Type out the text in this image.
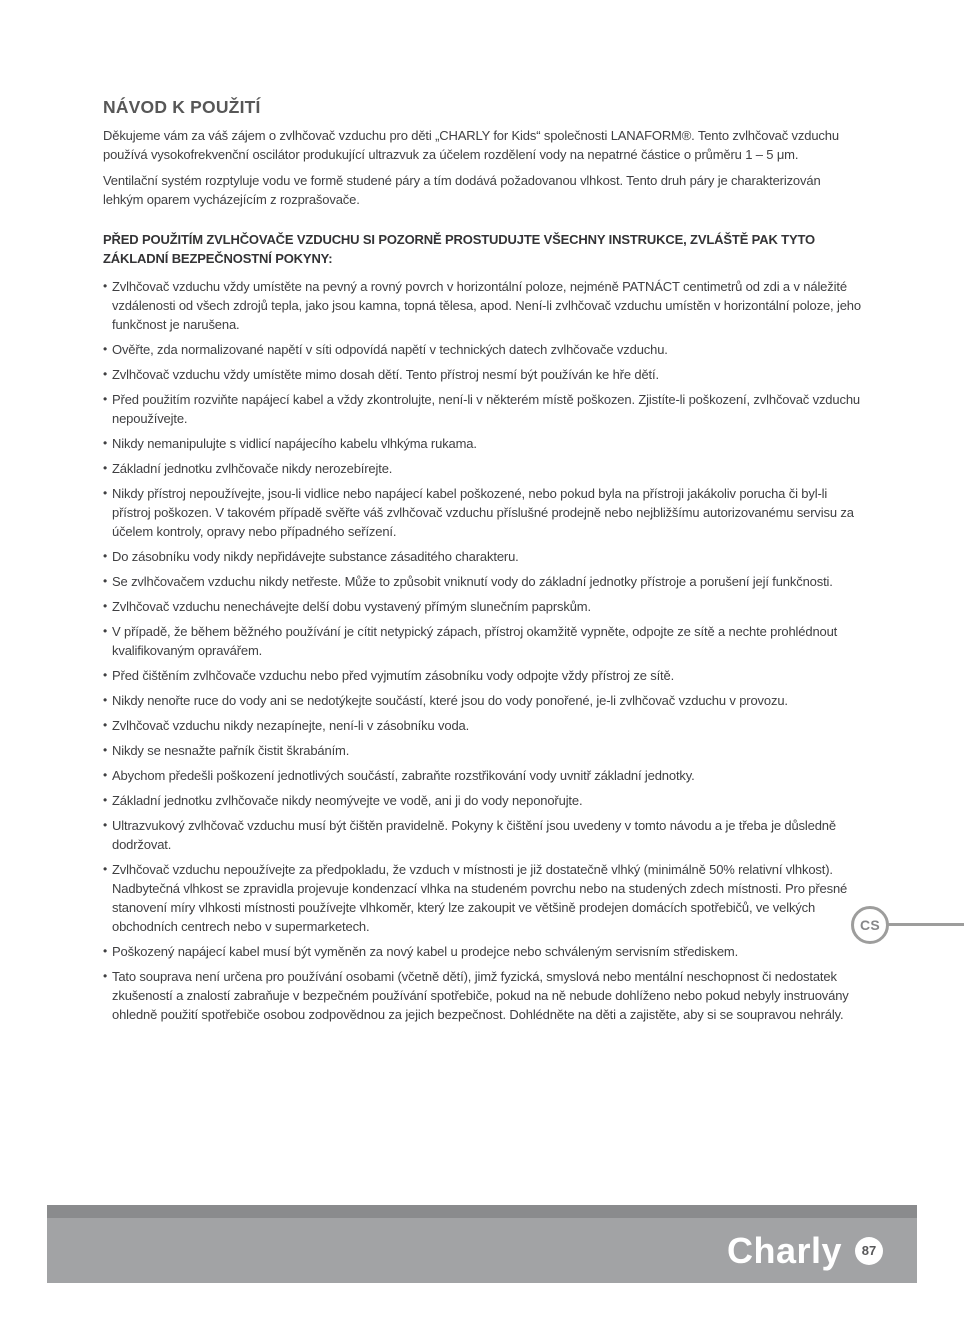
NÁVOD K POUŽITÍ

Děkujeme vám za váš zájem o zvlhčovač vzduchu pro děti „CHARLY for Kids“ společnosti LANAFORM®. Tento zvlhčovač vzduchu používá vysokofrekvenční oscilátor produkující ultrazvuk za účelem rozdělení vody na nepatrné částice o průměru 1 – 5 μm.

Ventilační systém rozptyluje vodu ve formě studené páry a tím dodává požadovanou vlhkost. Tento druh páry je charakterizován lehkým oparem vycházejícím z rozprašovače.

PŘED POUŽITÍM ZVLHČOVAČE VZDUCHU SI POZORNĚ PROSTUDUJTE VŠECHNY INSTRUKCE, ZVLÁŠTĚ PAK TYTO ZÁKLADNÍ BEZPEČNOSTNÍ POKYNY:

• Zvlhčovač vzduchu vždy umístěte na pevný a rovný povrch v horizontální poloze, nejméně PATNÁCT centimetrů od zdi a v náležité vzdálenosti od všech zdrojů tepla, jako jsou kamna, topná tělesa, apod. Není-li zvlhčovač vzduchu umístěn v horizontální poloze, jeho funkčnost je narušena.
• Ověřte, zda normalizované napětí v síti odpovídá napětí v technických datech zvlhčovače vzduchu.
• Zvlhčovač vzduchu vždy umístěte mimo dosah dětí. Tento přístroj nesmí být používán ke hře dětí.
• Před použitím rozviňte napájecí kabel a vždy zkontrolujte, není-li v některém místě poškozen. Zjistíte-li poškození, zvlhčovač vzduchu nepoužívejte.
• Nikdy nemanipulujte s vidlicí napájecího kabelu vlhkýma rukama.
• Základní jednotku zvlhčovače nikdy nerozebírejte.
• Nikdy přístroj nepoužívejte, jsou-li vidlice nebo napájecí kabel poškozené, nebo pokud byla na přístroji jakákoliv porucha či byl-li přístroj poškozen. V takovém případě svěřte váš zvlhčovač vzduchu příslušné prodejně nebo nejbližšímu autorizovanému servisu za účelem kontroly, opravy nebo případného seřízení.
• Do zásobníku vody nikdy nepřidávejte substance zásaditého charakteru.
• Se zvlhčovačem vzduchu nikdy netřeste. Může to způsobit vniknutí vody do základní jednotky přístroje a porušení její funkčnosti.
• Zvlhčovač vzduchu nenechávejte delší dobu vystavený přímým slunečním paprskům.
• V případě, že během běžného používání je cítit netypický zápach, přístroj okamžitě vypněte, odpojte ze sítě a nechte prohlédnout kvalifikovaným opravářem.
• Před čištěním zvlhčovače vzduchu nebo před vyjmutím zásobníku vody odpojte vždy přístroj ze sítě.
• Nikdy nenořte ruce do vody ani se nedotýkejte součástí, které jsou do vody ponořené, je-li zvlhčovač vzduchu v provozu.
• Zvlhčovač vzduchu nikdy nezapínejte, není-li v zásobníku voda.
• Nikdy se nesnažte pařník čistit škrabáním.
• Abychom předešli poškození jednotlivých součástí, zabraňte rozstřikování vody uvnitř základní jednotky.
• Základní jednotku zvlhčovače nikdy neomývejte ve vodě, ani ji do vody neponořujte.
• Ultrazvukový zvlhčovač vzduchu musí být čištěn pravidelně. Pokyny k čištění jsou uvedeny v tomto návodu a je třeba je důsledně dodržovat.
• Zvlhčovač vzduchu nepoužívejte za předpokladu, že vzduch v místnosti je již dostatečně vlhký (minimálně 50% relativní vlhkost).
Nadbytečná vlhkost se zpravidla projevuje kondenzací vlhka na studeném povrchu nebo na studených zdech místnosti. Pro přesné stanovení míry vlhkosti místnosti používejte vlhkoměr, který lze zakoupit ve většině prodejen domácích spotřebičů, ve velkých obchodních centrech nebo v supermarketech.
• Poškozený napájecí kabel musí být vyměněn za nový kabel u prodejce nebo schváleným servisním střediskem.
• Tato souprava není určena pro používání osobami (včetně dětí), jimž fyzická, smyslová nebo mentální neschopnost či nedostatek zkušeností a znalostí zabraňuje v bezpečném používání spotřebiče, pokud na ně nebude dohlíženo nebo pokud nebyly instruovány ohledně použití spotřebiče osobou zodpovědnou za jejich bezpečnost. Dohlédněte na děti a zajistěte, aby si se soupravou nehrály.
CS
Charly	87
